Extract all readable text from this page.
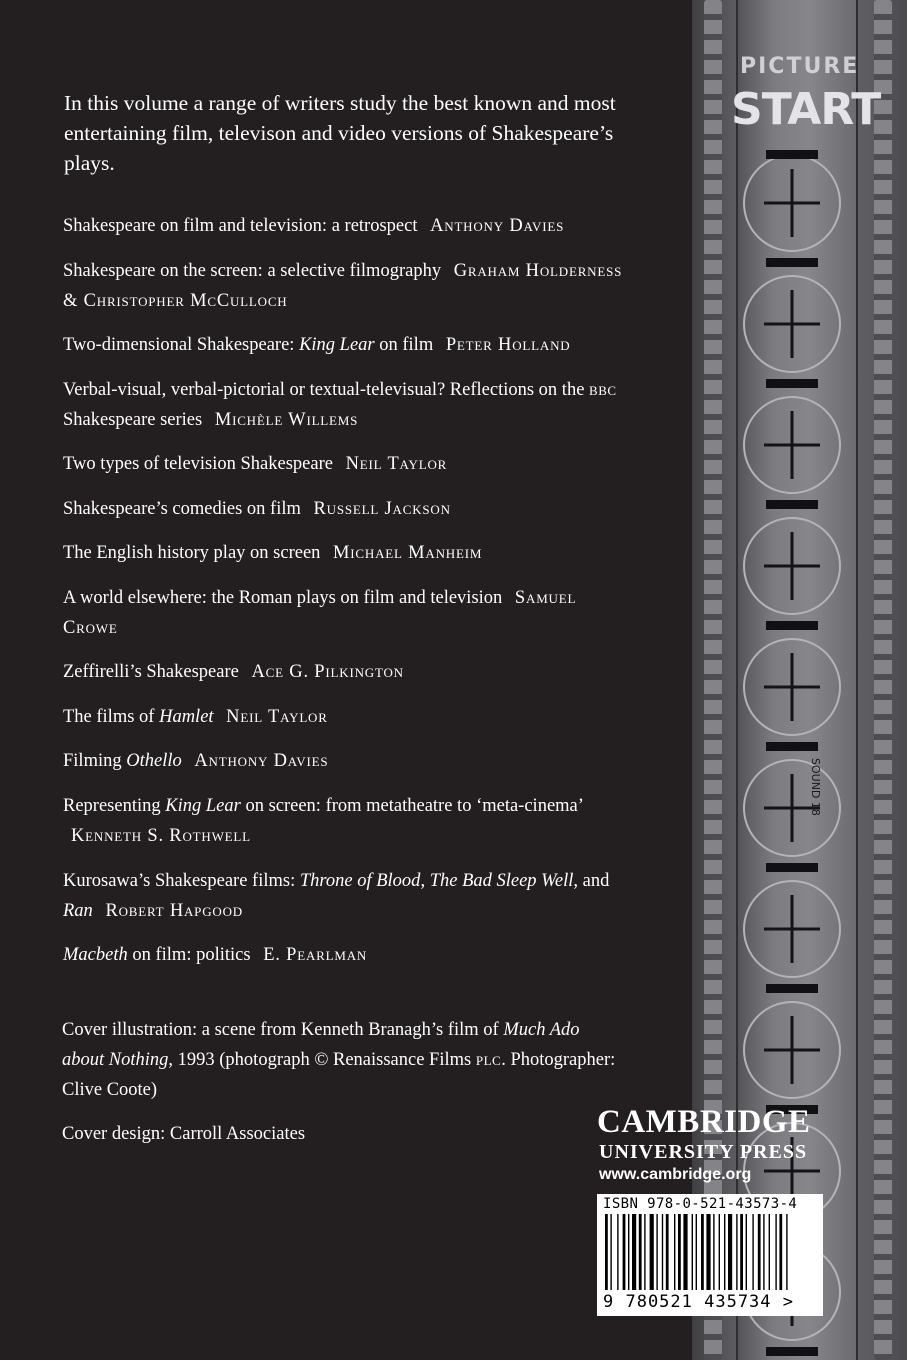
In this volume a range of writers study the best known and most entertaining film, televison and video versions of Shakespeare’s plays.

Shakespeare on film and television: a retrospect Anthony Davies

Shakespeare on the screen: a selective filmography Graham Holderness & Christopher McCulloch

Two-dimensional Shakespeare: King Lear on film Peter Holland

Verbal-visual, verbal-pictorial or textual-televisual? Reflections on the bbc Shakespeare series Michèle Willems

Two types of television Shakespeare Neil Taylor

Shakespeare’s comedies on film Russell Jackson

The English history play on screen Michael Manheim

A world elsewhere: the Roman plays on film and television Samuel Crowe

Zeffirelli’s Shakespeare Ace G. Pilkington

The films of Hamlet Neil Taylor

Filming Othello Anthony Davies

Representing King Lear on screen: from metatheatre to ‘meta-cinema’ Kenneth S. Rothwell

Kurosawa’s Shakespeare films: Throne of Blood, The Bad Sleep Well, and Ran Robert Hapgood

Macbeth on film: politics E. Pearlman

Cover illustration: a scene from Kenneth Branagh’s film of Much Ado about Nothing, 1993 (photograph © Renaissance Films plc. Photographer: Clive Coote)

Cover design: Carroll Associates

SOUND 18
PICTURE
START
CAMBRIDGE
UNIVERSITY PRESS
www.cambridge.org
ISBN 978-0-521-43573-4
9 780521 435734 >
